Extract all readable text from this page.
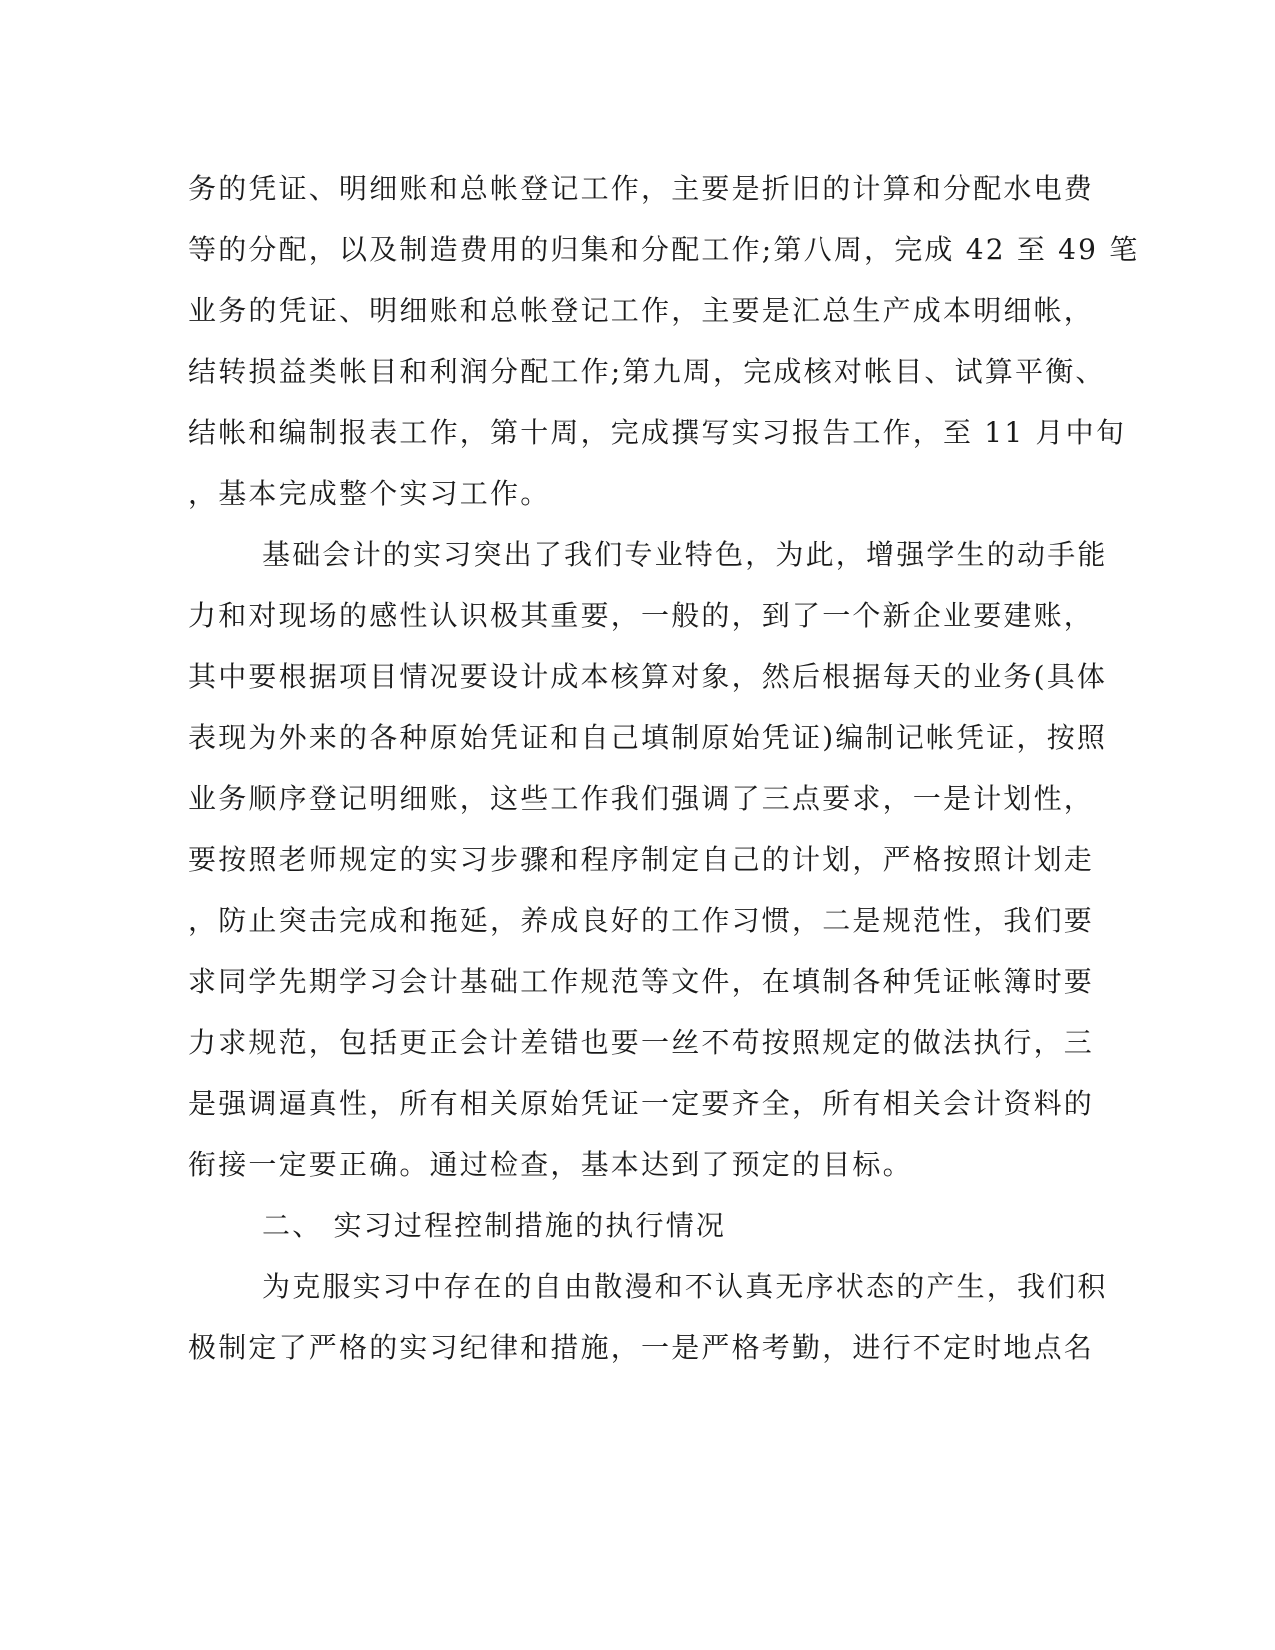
务的凭证、明细账和总帐登记工作，主要是折旧的计算和分配水电费
等的分配，以及制造费用的归集和分配工作;第八周，完成 42 至 49 笔
业务的凭证、明细账和总帐登记工作，主要是汇总生产成本明细帐，
结转损益类帐目和利润分配工作;第九周，完成核对帐目、试算平衡、
结帐和编制报表工作，第十周，完成撰写实习报告工作，至 11 月中旬
，基本完成整个实习工作。
基础会计的实习突出了我们专业特色，为此，增强学生的动手能
力和对现场的感性认识极其重要，一般的，到了一个新企业要建账，
其中要根据项目情况要设计成本核算对象，然后根据每天的业务(具体
表现为外来的各种原始凭证和自己填制原始凭证)编制记帐凭证，按照
业务顺序登记明细账，这些工作我们强调了三点要求，一是计划性，
要按照老师规定的实习步骤和程序制定自己的计划，严格按照计划走
，防止突击完成和拖延，养成良好的工作习惯，二是规范性，我们要
求同学先期学习会计基础工作规范等文件，在填制各种凭证帐簿时要
力求规范，包括更正会计差错也要一丝不苟按照规定的做法执行，三
是强调逼真性，所有相关原始凭证一定要齐全，所有相关会计资料的
衔接一定要正确。通过检查，基本达到了预定的目标。
二、 实习过程控制措施的执行情况
为克服实习中存在的自由散漫和不认真无序状态的产生，我们积
极制定了严格的实习纪律和措施，一是严格考勤，进行不定时地点名
